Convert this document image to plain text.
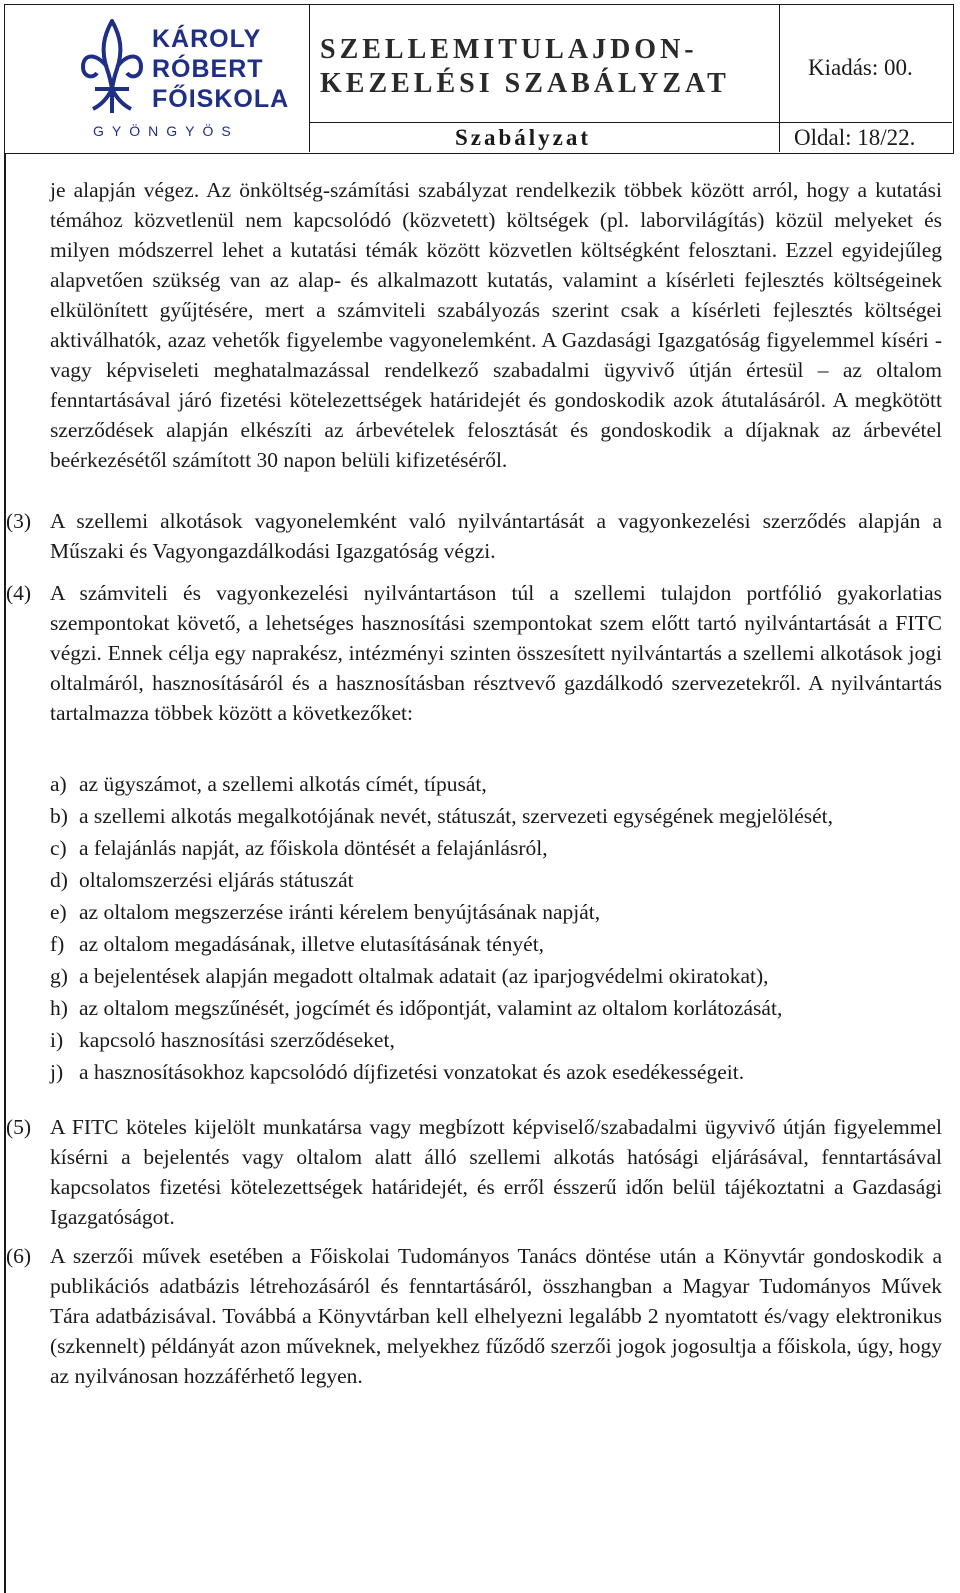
KÁROLY
RÓBERT
FŐISKOLA
GYÖNGYÖS
SZELLEMITULAJDON-
KEZELÉSI SZABÁLYZAT
Kiadás: 00.
Szabályzat	Oldal: 18/22.
je alapján végez. Az önköltség-számítási szabályzat rendelkezik többek között arról, hogy a kutatási témához közvetlenül nem kapcsolódó (közvetett) költségek (pl. laborvilágítás) közül melyeket és milyen módszerrel lehet a kutatási témák között közvetlen költségként felosztani. Ezzel egyidejűleg alapvetően szükség van az alap- és alkalmazott kutatás, valamint a kísérleti fejlesztés költségeinek elkülönített gyűjtésére, mert a számviteli szabályozás szerint csak a kísérleti fejlesztés költségei aktiválhatók, azaz vehetők figyelembe vagyonelemként. A Gazdasági Igazgatóság figyelemmel kíséri - vagy képviseleti meghatalmazással rendelkező szabadalmi ügyvivő útján értesül – az oltalom fenntartásával járó fizetési kötelezettségek határidejét és gondoskodik azok átutalásáról. A megkötött szerződések alapján elkészíti az árbevételek felosztását és gondoskodik a díjaknak az árbevétel beérkezésétől számított 30 napon belüli kifizetéséről.
(3) A szellemi alkotások vagyonelemként való nyilvántartását a vagyonkezelési szerződés alapján a Műszaki és Vagyongazdálkodási Igazgatóság végzi.
(4) A számviteli és vagyonkezelési nyilvántartáson túl a szellemi tulajdon portfólió gyakorlatias szempontokat követő, a lehetséges hasznosítási szempontokat szem előtt tartó nyilvántartását a FITC végzi. Ennek célja egy naprakész, intézményi szinten összesített nyilvántartás a szellemi alkotások jogi oltalmáról, hasznosításáról és a hasznosításban résztvevő gazdálkodó szervezetekről. A nyilvántartás tartalmazza többek között a következőket:
a) az ügyszámot, a szellemi alkotás címét, típusát,
b) a szellemi alkotás megalkotójának nevét, státuszát, szervezeti egységének megjelölését,
c) a felajánlás napját, az főiskola döntését a felajánlásról,
d) oltalomszerzési eljárás státuszát
e) az oltalom megszerzése iránti kérelem benyújtásának napját,
f) az oltalom megadásának, illetve elutasításának tényét,
g) a bejelentések alapján megadott oltalmak adatait (az iparjogvédelmi okiratokat),
h) az oltalom megszűnését, jogcímét és időpontját, valamint az oltalom korlátozását,
i) kapcsoló hasznosítási szerződéseket,
j) a hasznosításokhoz kapcsolódó díjfizetési vonzatokat és azok esedékességeit.
(5) A FITC köteles kijelölt munkatársa vagy megbízott képviselő/szabadalmi ügyvivő útján figyelemmel kísérni a bejelentés vagy oltalom alatt álló szellemi alkotás hatósági eljárásával, fenntartásával kapcsolatos fizetési kötelezettségek határidejét, és erről ésszerű időn belül tájékoztatni a Gazdasági Igazgatóságot.
(6) A szerzői művek esetében a Főiskolai Tudományos Tanács döntése után a Könyvtár gondoskodik a publikációs adatbázis létrehozásáról és fenntartásáról, összhangban a Magyar Tudományos Művek Tára adatbázisával. Továbbá a Könyvtárban kell elhelyezni legalább 2 nyomtatott és/vagy elektronikus (szkennelt) példányát azon műveknek, melyekhez fűződő szerzői jogok jogosultja a főiskola, úgy, hogy az nyilvánosan hozzáférhető legyen.
